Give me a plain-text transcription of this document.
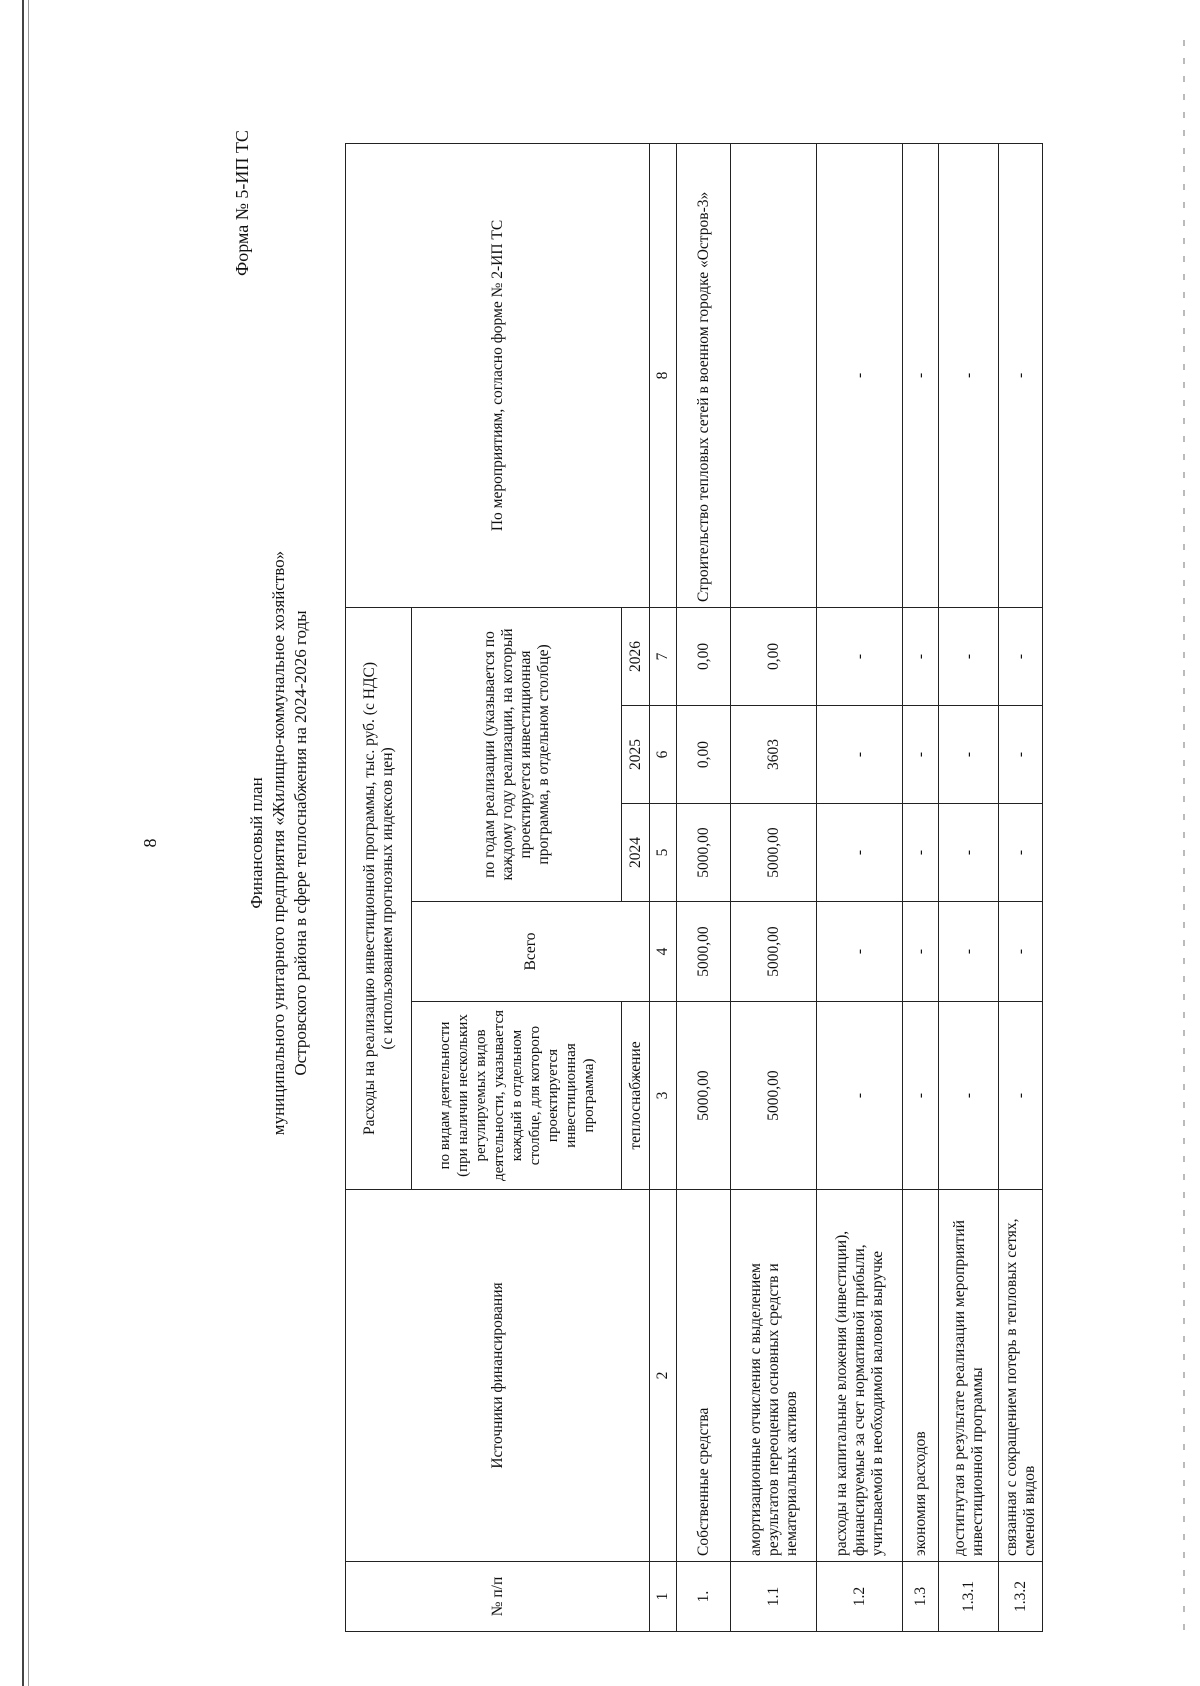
8
Форма № 5-ИП ТС
Финансовый план муниципального унитарного предприятия «Жилищно-коммунальное хозяйство» Островского района в сфере теплоснабжения на 2024-2026 годы
№ п/п	Источники финансирования	Расходы на реализацию инвестиционной программы, тыс. руб. (с НДС) (с использованием прогнозных индексов цен)					По мероприятиям, согласно форме № 2-ИП ТС
		по видам деятельности (при наличии нескольких регулируемых видов деятельности, указывается каждый в отдельном столбце, для которого проектируется инвестиционная программа)	Всего	по годам реализации (указывается по каждому году реализации, на который проектируется инвестиционная программа, в отдельном столбце)			
		теплоснабжение		2024	2025	2026	
1	2	3	4	5	6	7	8
1.	Собственные средства	5000,00	5000,00	5000,00	0,00	0,00	Строительство тепловых сетей в военном городке «Остров-3»
1.1	амортизационные отчисления с выделением результатов переоценки основных средств и нематериальных активов	5000,00	5000,00	5000,00	3603	0,00	
1.2	расходы на капитальные вложения (инвестиции), финансируемые за счет нормативной прибыли, учитываемой в необходимой валовой выручке	-	-	-	-	-	-
1.3	экономия расходов	-	-	-	-	-	-
1.3.1	достигнутая в результате реализации мероприятий инвестиционной программы	-	-	-	-	-	-
1.3.2	связанная с сокращением потерь в тепловых сетях, сменой видов	-	-	-	-	-	-
